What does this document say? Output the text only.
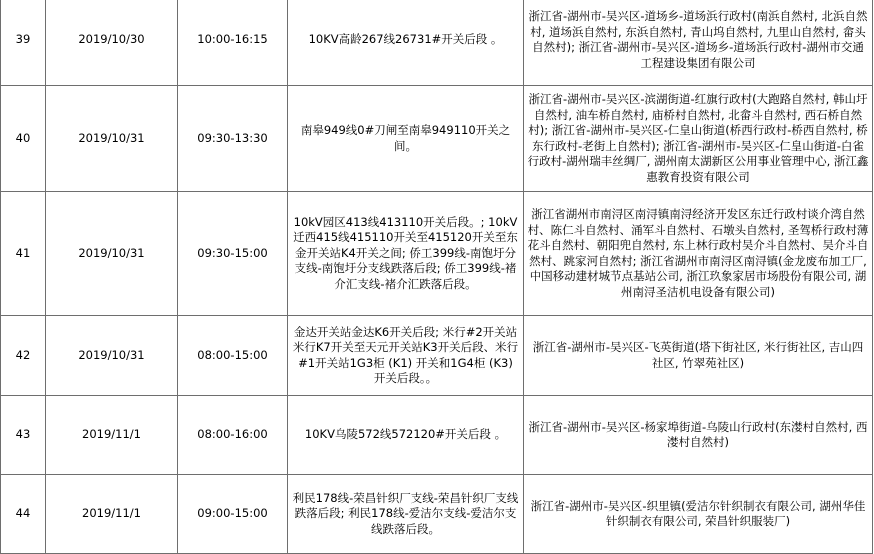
39	2019/10/30	10:00-16:15	10KV高龄267线26731#开关后段 。	浙江省-湖州市-吴兴区-道场乡-道场浜行政村(南浜自然村, 北浜自然村, 道场浜自然村, 东浜自然村, 青山坞自然村, 九里山自然村, 畲头自然村); 浙江省-湖州市-吴兴区-道场乡-道场浜行政村-湖州市交通工程建设集团有限公司
40	2019/10/31	09:30-13:30	南皋949线0#刀闸至南皋949110开关之间。	浙江省-湖州市-吴兴区-滨湖街道-红旗行政村(大跑路自然村, 韩山圩自然村, 油车桥自然村, 庙桥村自然村, 北畲斗自然村, 西石桥自然村); 浙江省-湖州市-吴兴区-仁皇山街道(桥西行政村-桥西自然村, 桥东行政村-老街上自然村); 浙江省-湖州市-吴兴区-仁皇山街道-白雀行政村-湖州瑞丰丝绸厂, 湖州南太湖新区公用事业管理中心, 浙江鑫惠教育投资有限公司
41	2019/10/31	09:30-15:00	10kV园区413线413110开关后段。; 10kV迁西415线415110开关至415120开关至东金开关站K4开关之间; 侨工399线-南饱圩分支线-南饱圩分支线跌落后段; 侨工399线-褚介汇支线-褚介汇跌落后段。	浙江省湖州市南浔区南浔镇南浔经济开发区东迁行政村谈介湾自然村、陈仁斗自然村、涌军斗自然村、石墩头自然村, 圣驾桥行政村薄花斗自然村、朝阳兜自然村, 东上林行政村吴介斗自然村、吴介斗自然村、跳家河自然村; 浙江省湖州市南浔区南浔镇(金龙废布加工厂, 中国移动建材城节点基站公司, 浙江玖象家居市场股份有限公司, 湖州南浔圣洁机电设备有限公司)
42	2019/10/31	08:00-15:00	金达开关站金达K6开关后段; 米行#2开关站米行K7开关至天元开关站K3开关后段、米行#1开关站1G3柜 (K1) 开关和1G4柜 (K3) 开关后段。。	浙江省-湖州市-吴兴区-飞英街道(塔下街社区, 米行街社区, 吉山四社区, 竹翠苑社区)
43	2019/11/1	08:00-16:00	10KV乌陵572线572120#开关后段 。	浙江省-湖州市-吴兴区-杨家埠街道-乌陵山行政村(东漤村自然村, 西漤村自然村)
44	2019/11/1	09:00-15:00	利民178线-荣昌针织厂支线-荣昌针织厂支线跌落后段; 利民178线-爱洁尔支线-爱洁尔支线跌落后段。	浙江省-湖州市-吴兴区-织里镇(爱洁尔针织制衣有限公司, 湖州华佳针织制衣有限公司, 荣昌针织服装厂)
